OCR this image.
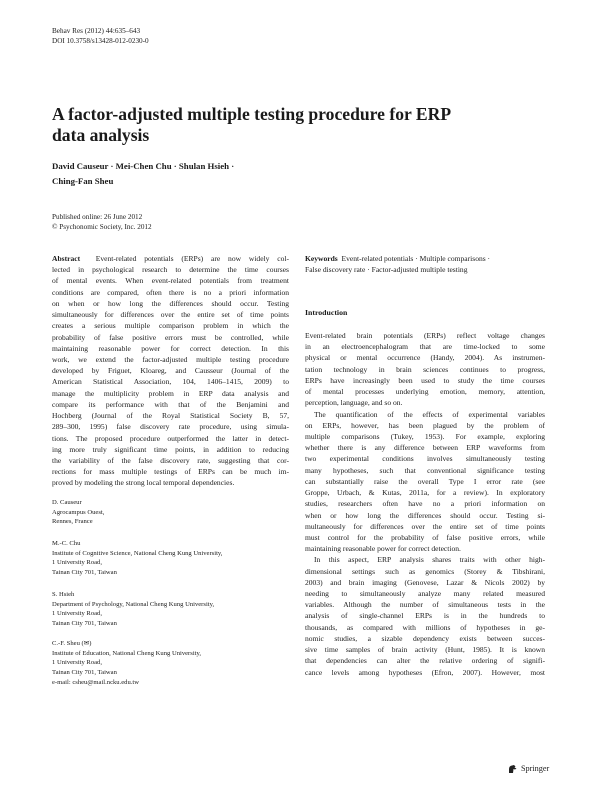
Behav Res (2012) 44:635–643
DOI 10.3758/s13428-012-0230-0
A factor-adjusted multiple testing procedure for ERP
data analysis
David Causeur · Mei-Chen Chu · Shulan Hsieh ·
Ching-Fan Sheu
Published online: 26 June 2012
© Psychonomic Society, Inc. 2012
Abstract Event-related potentials (ERPs) are now widely col-
lected in psychological research to determine the time courses
of mental events. When event-related potentials from treatment
conditions are compared, often there is no a priori information
on when or how long the differences should occur. Testing
simultaneously for differences over the entire set of time points
creates a serious multiple comparison problem in which the
probability of false positive errors must be controlled, while
maintaining reasonable power for correct detection. In this
work, we extend the factor-adjusted multiple testing procedure
developed by Friguet, Kloareg, and Causseur (Journal of the
American Statistical Association, 104, 1406–1415, 2009) to
manage the multiplicity problem in ERP data analysis and
compare its performance with that of the Benjamini and
Hochberg (Journal of the Royal Statistical Society B, 57,
289–300, 1995) false discovery rate procedure, using simula-
tions. The proposed procedure outperformed the latter in detect-
ing more truly significant time points, in addition to reducing
the variability of the false discovery rate, suggesting that cor-
rections for mass multiple testings of ERPs can be much im-
proved by modeling the strong local temporal dependencies.
D. Causeur
Agrocampus Ouest,
Rennes, France
M.-C. Chu
Institute of Cognitive Science, National Cheng Kung University,
1 University Road,
Tainan City 701, Taiwan
S. Hsieh
Department of Psychology, National Cheng Kung University,
1 University Road,
Tainan City 701, Taiwan
C.-F. Sheu (✉)
Institute of Education, National Cheng Kung University,
1 University Road,
Tainan City 701, Taiwan
e-mail: csheu@mail.ncku.edu.tw
Keywords Event-related potentials · Multiple comparisons ·
False discovery rate · Factor-adjusted multiple testing
Introduction
Event-related brain potentials (ERPs) reflect voltage changes
in an electroencephalogram that are time-locked to some
physical or mental occurrence (Handy, 2004). As instrumen-
tation technology in brain sciences continues to progress,
ERPs have increasingly been used to study the time courses
of mental processes underlying emotion, memory, attention,
perception, language, and so on.
The quantification of the effects of experimental variables
on ERPs, however, has been plagued by the problem of
multiple comparisons (Tukey, 1953). For example, exploring
whether there is any difference between ERP waveforms from
two experimental conditions involves simultaneously testing
many hypotheses, such that conventional significance testing
can substantially raise the overall Type I error rate (see
Groppe, Urbach, & Kutas, 2011a, for a review). In exploratory
studies, researchers often have no a priori information on
when or how long the differences should occur. Testing si-
multaneously for differences over the entire set of time points
must control for the probability of false positive errors, while
maintaining reasonable power for correct detection.
In this aspect, ERP analysis shares traits with other high-
dimensional settings such as genomics (Storey & Tibshirani,
2003) and brain imaging (Genovese, Lazar & Nicols 2002) by
needing to simultaneously analyze many related measured
variables. Although the number of simultaneous tests in the
analysis of single-channel ERPs is in the hundreds to
thousands, as compared with millions of hypotheses in ge-
nomic studies, a sizable dependency exists between succes-
sive time samples of brain activity (Hunt, 1985). It is known
that dependencies can alter the relative ordering of signifi-
cance levels among hypotheses (Efron, 2007). However, most
Springer
